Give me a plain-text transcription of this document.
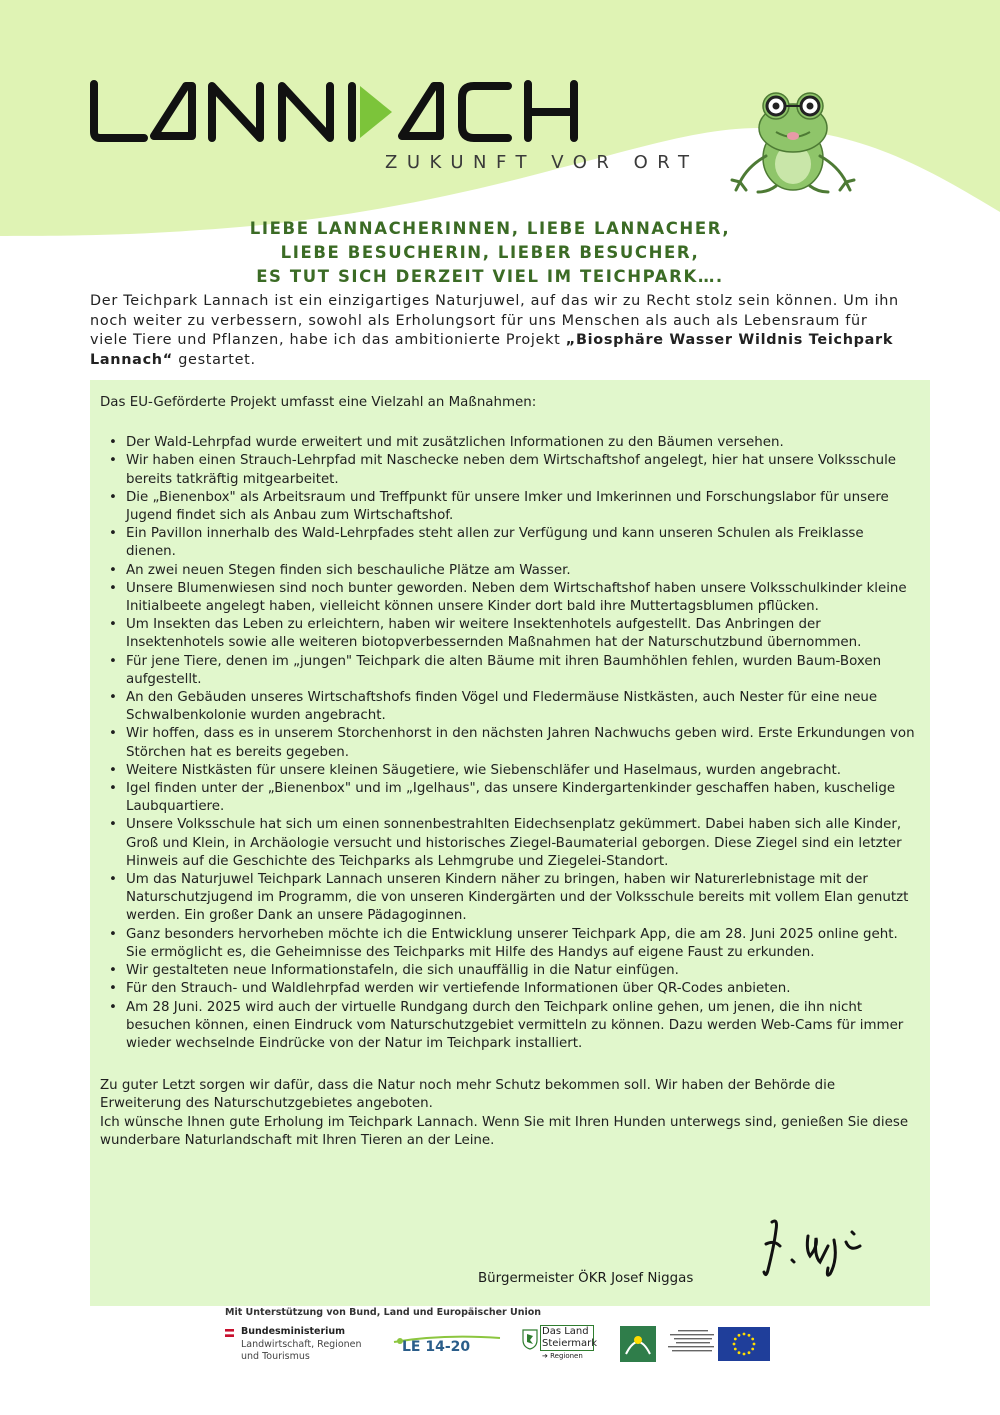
ZUKUNFT VOR ORT
LIEBE LANNACHERINNEN, LIEBE LANNACHER,
LIEBE BESUCHERIN, LIEBER BESUCHER,
ES TUT SICH DERZEIT VIEL IM TEICHPARK….
Der Teichpark Lannach ist ein einzigartiges Naturjuwel, auf das wir zu Recht stolz sein können. Um ihn noch weiter zu verbessern, sowohl als Erholungsort für uns Menschen als auch als Lebensraum für viele Tiere und Pflanzen, habe ich das ambitionierte Projekt „Biosphäre Wasser Wildnis Teichpark Lannach“ gestartet.

Das EU-Geförderte Projekt umfasst eine Vielzahl an Maßnahmen:

• Der Wald-Lehrpfad wurde erweitert und mit zusätzlichen Informationen zu den Bäumen versehen.
• Wir haben einen Strauch-Lehrpfad mit Naschecke neben dem Wirtschaftshof angelegt, hier hat unsere Volksschule bereits tatkräftig mitgearbeitet.
• Die „Bienenbox" als Arbeitsraum und Treffpunkt für unsere Imker und Imkerinnen und Forschungslabor für unsere Jugend findet sich als Anbau zum Wirtschaftshof.
• Ein Pavillon innerhalb des Wald-Lehrpfades steht allen zur Verfügung und kann unseren Schulen als Freiklasse dienen.
• An zwei neuen Stegen finden sich beschauliche Plätze am Wasser.
• Unsere Blumenwiesen sind noch bunter geworden. Neben dem Wirtschaftshof haben unsere Volksschulkinder kleine Initialbeete angelegt haben, vielleicht können unsere Kinder dort bald ihre Muttertagsblumen pflücken.
• Um Insekten das Leben zu erleichtern, haben wir weitere Insektenhotels aufgestellt. Das Anbringen der Insektenhotels sowie alle weiteren biotopverbessernden Maßnahmen hat der Naturschutzbund übernommen.
• Für jene Tiere, denen im „jungen" Teichpark die alten Bäume mit ihren Baumhöhlen fehlen, wurden Baum-Boxen aufgestellt.
• An den Gebäuden unseres Wirtschaftshofs finden Vögel und Fledermäuse Nistkästen, auch Nester für eine neue Schwalbenkolonie wurden angebracht.
• Wir hoffen, dass es in unserem Storchenhorst in den nächsten Jahren Nachwuchs geben wird. Erste Erkundungen von Störchen hat es bereits gegeben.
• Weitere Nistkästen für unsere kleinen Säugetiere, wie Siebenschläfer und Haselmaus, wurden angebracht.
• Igel finden unter der „Bienenbox" und im „Igelhaus", das unsere Kindergartenkinder geschaffen haben, kuschelige Laubquartiere.
• Unsere Volksschule hat sich um einen sonnenbestrahlten Eidechsenplatz gekümmert. Dabei haben sich alle Kinder, Groß und Klein, in Archäologie versucht und historisches Ziegel-Baumaterial geborgen. Diese Ziegel sind ein letzter Hinweis auf die Geschichte des Teichparks als Lehmgrube und Ziegelei-Standort.
• Um das Naturjuwel Teichpark Lannach unseren Kindern näher zu bringen, haben wir Naturerlebnistage mit der Naturschutzjugend im Programm, die von unseren Kindergärten und der Volksschule bereits mit vollem Elan genutzt werden. Ein großer Dank an unsere Pädagoginnen.
• Ganz besonders hervorheben möchte ich die Entwicklung unserer Teichpark App, die am 28. Juni 2025 online geht. Sie ermöglicht es, die Geheimnisse des Teichparks mit Hilfe des Handys auf eigene Faust zu erkunden.
• Wir gestalteten neue Informationstafeln, die sich unauffällig in die Natur einfügen.
• Für den Strauch- und Waldlehrpfad werden wir vertiefende Informationen über QR-Codes anbieten.
• Am 28 Juni. 2025 wird auch der virtuelle Rundgang durch den Teichpark online gehen, um jenen, die ihn nicht besuchen können, einen Eindruck vom Naturschutzgebiet vermitteln zu können. Dazu werden Web-Cams für immer wieder wechselnde Eindrücke von der Natur im Teichpark installiert.

Zu guter Letzt sorgen wir dafür, dass die Natur noch mehr Schutz bekommen soll. Wir haben der Behörde die Erweiterung des Naturschutzgebietes angeboten.

Ich wünsche Ihnen gute Erholung im Teichpark Lannach. Wenn Sie mit Ihren Hunden unterwegs sind, genießen Sie diese wunderbare Naturlandschaft mit Ihren Tieren an der Leine.

Bürgermeister ÖKR Josef Niggas
Mit Unterstützung von Bund, Land und Europäischer Union
Bundesministerium
Landwirtschaft, Regionen
und Tourismus
LE 14-20
Das Land
Steiermark
➔ Regionen
